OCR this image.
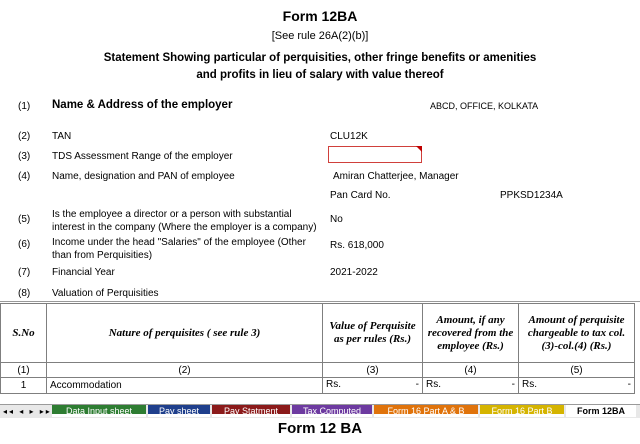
Form 12BA
[See rule 26A(2)(b)]
Statement Showing particular of perquisities, other fringe benefits or amenities
and profits in lieu of salary with value thereof
(1) Name & Address of the employer	ABCD, OFFICE, KOLKATA
(2) TAN	CLU12K
(3) TDS Assessment Range of the employer
(4) Name, designation and PAN of employee	Amiran Chatterjee, Manager
Pan Card No.	PPKSD1234A
(5) Is the employee a director or a person with substantial interest in the company (Where the employer is a company)
No
(6) Income under the head "Salaries" of the employee (Other than from Perquisities)
Rs. 618,000
(7) Financial Year	2021-2022
(8) Valuation of Perquisities
S.No	Nature of perquisites ( see rule 3)	Value of Perquisite as per rules (Rs.)	Amount, if any recovered from the employee (Rs.)	Amount of perquisite chargeable to tax col.(3)-col.(4) (Rs.)
(1)	(2)	(3)	(4)	(5)
1	Accommodation	Rs. -	Rs. -	Rs. -
◂◂ ◂ ▸ ▸▸	Data Input sheet	Pay sheet	Pay Statment	Tax Computed	Form 16 Part A & B	Form 16 Part B	Form 12BA
Form 12 BA
